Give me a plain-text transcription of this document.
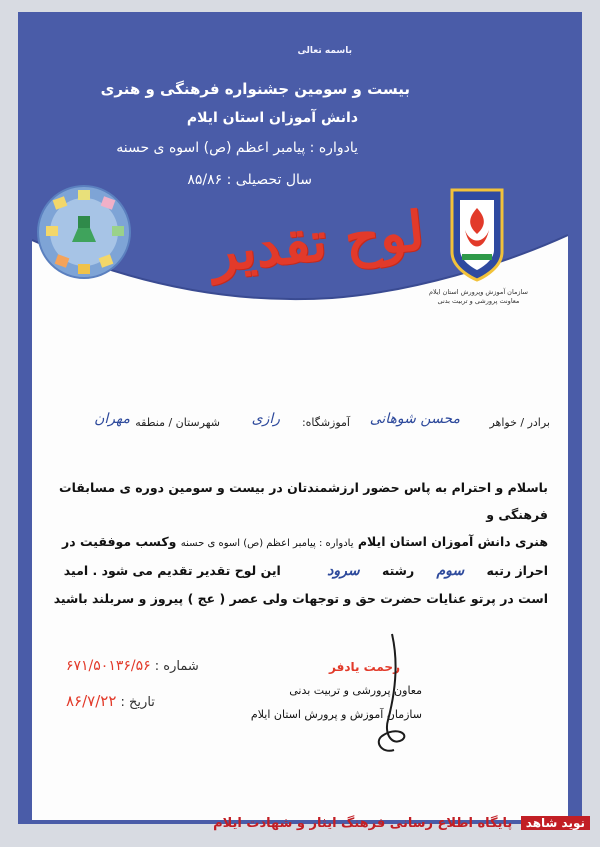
باسمه تعالی
بیست و سومین جشنواره فرهنگی و هنری
دانش آموزان استان ایلام
یادواره : پیامبر اعظم (ص) اسوه ی حسنه
سال تحصیلی : ۸۵/۸۶
لوح تقدیر
سازمان آموزش وپرورش استان ایلام
معاونت پرورشی و تربیت بدنی
برادر / خواهر
محسن شوهانی
آموزشگاه:
رازی
شهرستان / منطقه
مهران
باسلام و احترام به پاس حضور ارزشمندتان در بیست و سومین دوره ی مسابقات فرهنگی و
هنری دانش آموزان استان ایلام یادواره : پیامبر اعظم (ص) اسوه ی حسنه وکسب موفقیت در
احراز رتبه سوم رشته سرود این لوح تقدیر تقدیم می شود . امید
است در پرتو عنایات حضرت حق و توجهات ولی عصر ( عج ) پیروز و سربلند باشید
رحمت یادفر
معاون پرورشی و تربیت بدنی
سازمان آموزش و پرورش استان ایلام
شماره : ۶۷۱/۵۰۱۳۶/۵۶
تاریخ : ۸۶/۷/۲۲
نوید شاهد پایگاه اطلاع رسانی فرهنگ ایثار و شهادت ایلام
